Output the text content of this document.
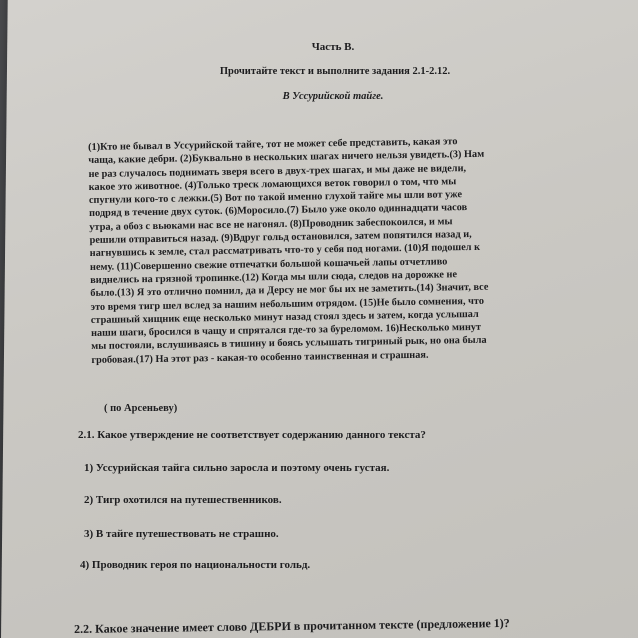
Часть В.
Прочитайте текст и выполните задания 2.1-2.12.
В Уссурийской тайге.
(1)Кто не бывал в Уссурийской тайге, тот не может себе представить, какая это
чаща, какие дебри. (2)Буквально в нескольких шагах ничего нельзя увидеть.(3) Нам
не раз случалось поднимать зверя всего в двух-трех шагах, и мы даже не видели,
какое это животное. (4)Только треск ломающихся веток говорил о том, что мы
спугнули кого-то с лежки.(5) Вот по такой именно глухой тайге мы шли вот уже
подряд в течение двух суток. (6)Моросило.(7) Было уже около одиннадцати часов
утра, а обоз с вьюками нас все не нагонял. (8)Проводник забеспокоился, и мы
решили отправиться назад. (9)Вдруг гольд остановился, затем попятился назад и,
нагнувшись к земле, стал рассматривать что-то у себя под ногами. (10)Я подошел к
нему. (11)Совершенно свежие отпечатки большой кошачьей лапы отчетливо
виднелись на грязной тропинке.(12) Когда мы шли сюда, следов на дорожке не
было.(13) Я это отлично помнил, да и Дерсу не мог бы их не заметить.(14) Значит, все
это время тигр шел вслед за нашим небольшим отрядом. (15)Не было сомнения, что
страшный хищник еще несколько минут назад стоял здесь и затем, когда услышал
наши шаги, бросился в чащу и спрятался где-то за буреломом. 16)Несколько минут
мы постояли, вслушиваясь в тишину и боясь услышать тигриный рык, но она была
гробовая.(17) На этот раз - какая-то особенно таинственная и страшная.
( по Арсеньеву)
2.1. Какое утверждение не соответствует содержанию данного текста?
1) Уссурийская тайга сильно заросла и поэтому очень густая.
2) Тигр охотился на путешественников.
3) В тайге путешествовать не страшно.
4) Проводник героя по национальности гольд.
2.2. Какое значение имеет слово ДЕБРИ в прочитанном тексте (предложение 1)?
